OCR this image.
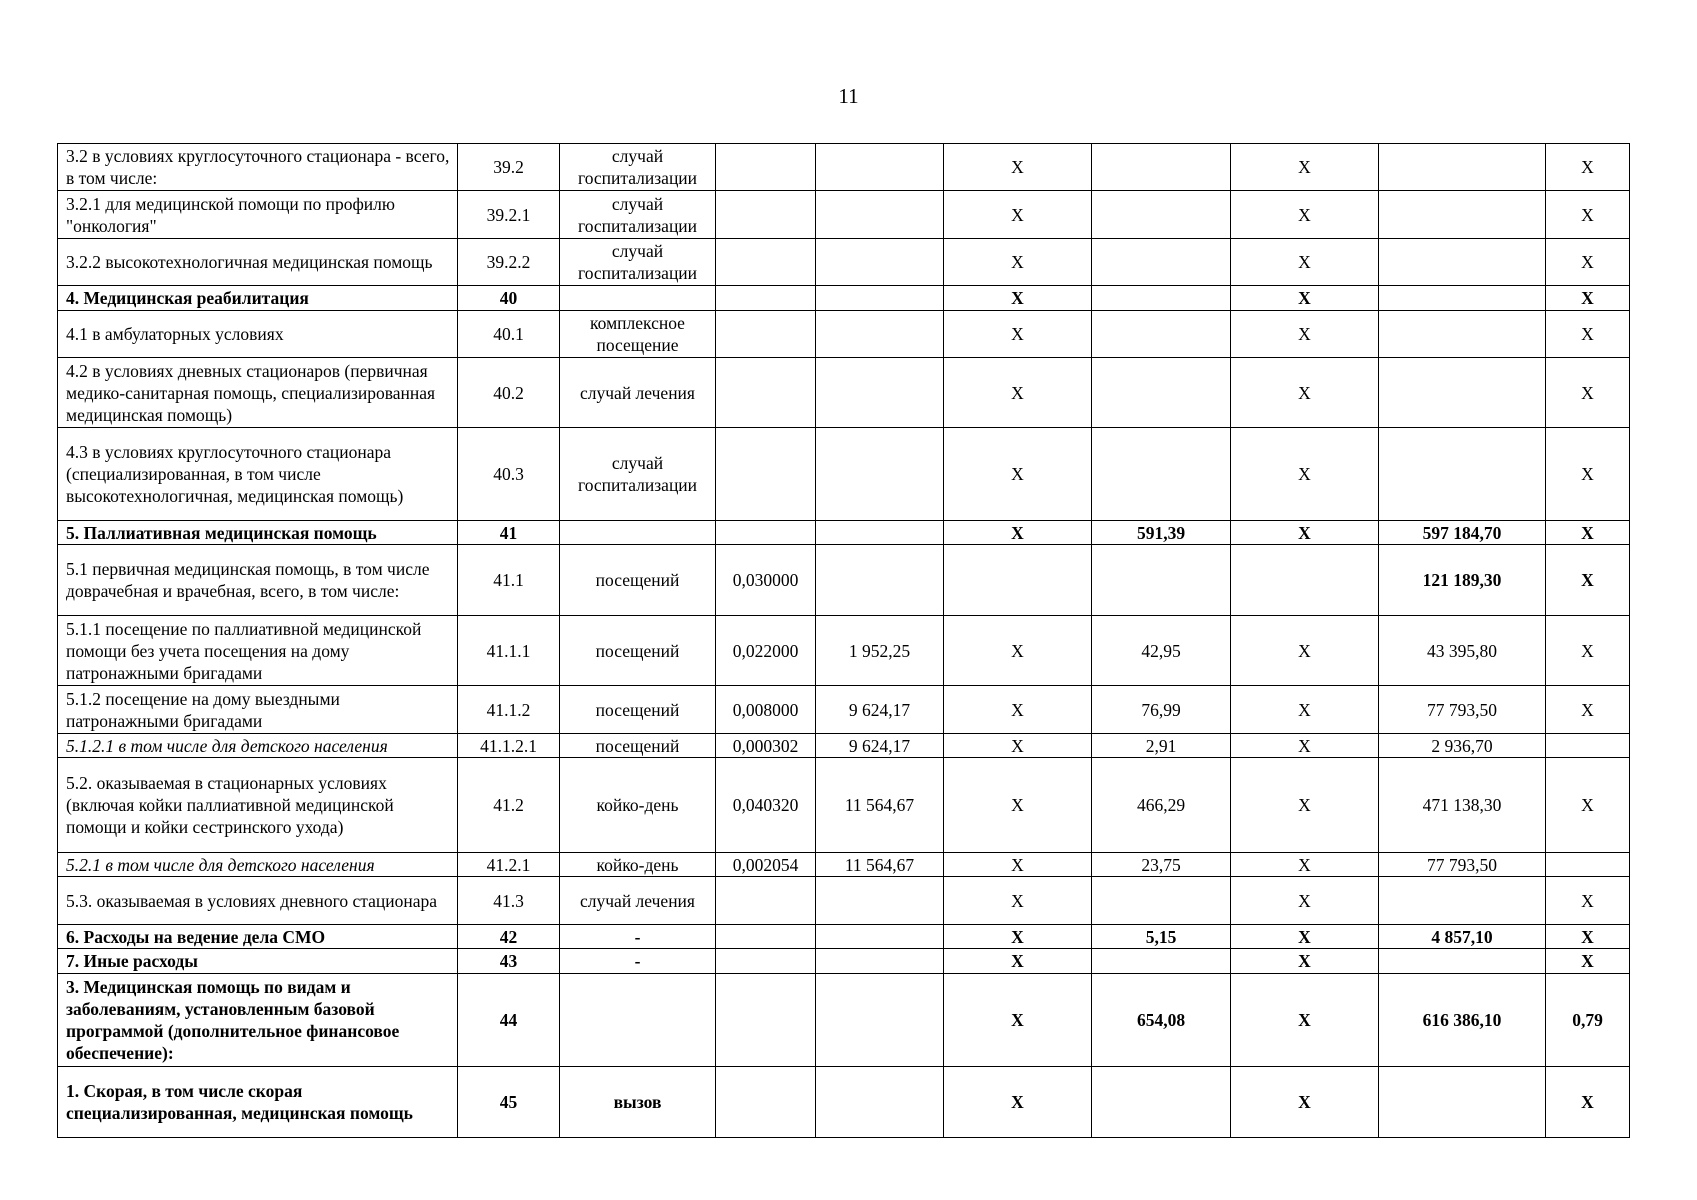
11
3.2 в условиях круглосуточного стационара - всего, в том числе:	39.2	случай госпитализации			Х		Х		Х
3.2.1 для медицинской помощи по профилю "онкология"	39.2.1	случай госпитализации			Х		Х		Х
3.2.2 высокотехнологичная медицинская помощь	39.2.2	случай госпитализации			Х		Х		Х
4. Медицинская реабилитация	40				Х		Х		Х
4.1 в амбулаторных условиях	40.1	комплексное посещение			Х		Х		Х
4.2 в условиях дневных стационаров (первичная медико-санитарная помощь, специализированная медицинская помощь)	40.2	случай лечения			Х		Х		Х
4.3 в условиях круглосуточного стационара (специализированная, в том числе высокотехнологичная, медицинская помощь)	40.3	случай госпитализации			Х		Х		Х
5. Паллиативная медицинская помощь	41				Х	591,39	Х	597 184,70	Х
5.1 первичная медицинская помощь, в том числе доврачебная и врачебная, всего, в том числе:	41.1	посещений	0,030000					121 189,30	Х
5.1.1 посещение по паллиативной медицинской помощи без учета посещения на дому патронажными бригадами	41.1.1	посещений	0,022000	1 952,25	Х	42,95	Х	43 395,80	Х
5.1.2 посещение на дому выездными патронажными бригадами	41.1.2	посещений	0,008000	9 624,17	Х	76,99	Х	77 793,50	Х
5.1.2.1 в том числе для детского населения	41.1.2.1	посещений	0,000302	9 624,17	Х	2,91	Х	2 936,70	
5.2. оказываемая в стационарных условиях (включая койки паллиативной медицинской помощи и койки сестринского ухода)	41.2	койко-день	0,040320	11 564,67	Х	466,29	Х	471 138,30	Х
5.2.1 в том числе для детского населения	41.2.1	койко-день	0,002054	11 564,67	Х	23,75	Х	77 793,50	
5.3. оказываемая в условиях дневного стационара	41.3	случай лечения			Х		Х		Х
6. Расходы на ведение дела СМО	42	-			Х	5,15	Х	4 857,10	Х
7. Иные расходы	43	-			Х		Х		Х
3. Медицинская помощь по видам и заболеваниям, установленным базовой программой (дополнительное финансовое обеспечение):	44				Х	654,08	Х	616 386,10	0,79
1. Скорая, в том числе скорая специализированная, медицинская помощь	45	вызов			Х		Х		Х
